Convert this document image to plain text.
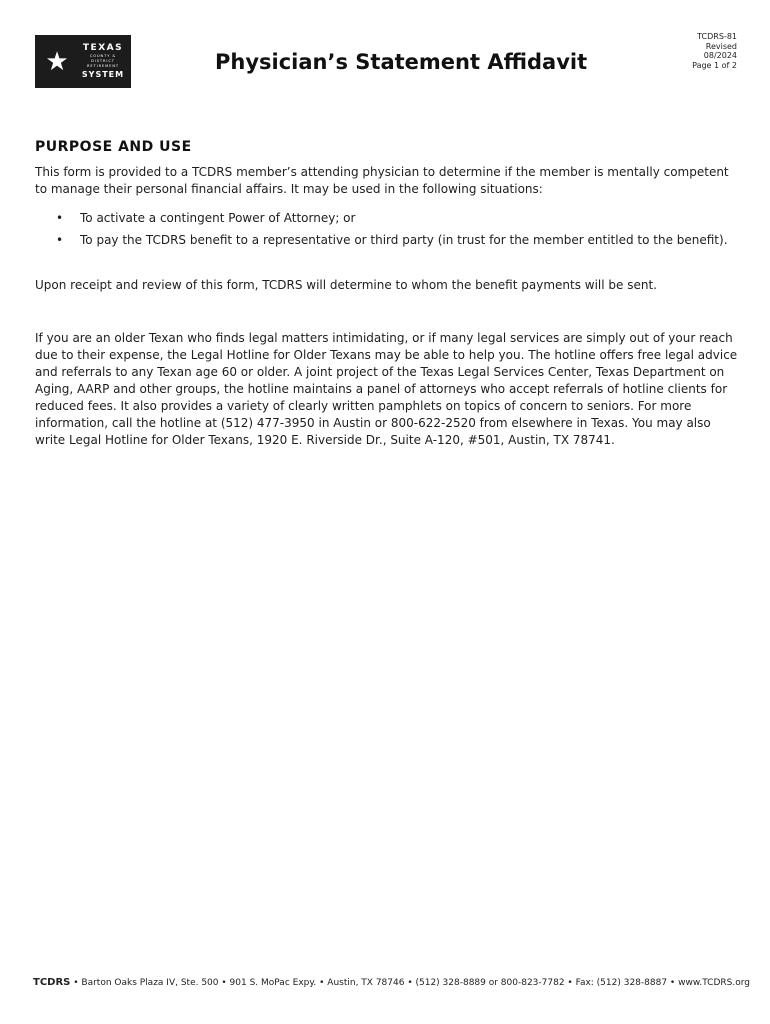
★ TEXAS
COUNTY &
DISTRICT
RETIREMENT
SYSTEM
Physician’s Statement Affidavit
TCDRS-81
Revised
08/2024
Page 1 of 2
PURPOSE AND USE

This form is provided to a TCDRS member’s attending physician to determine if the member is mentally competent to manage their personal financial affairs. It may be used in the following situations:

•	To activate a contingent Power of Attorney; or
•	To pay the TCDRS benefit to a representative or third party (in trust for the member entitled to the benefit).

Upon receipt and review of this form, TCDRS will determine to whom the benefit payments will be sent.

If you are an older Texan who finds legal matters intimidating, or if many legal services are simply out of your reach due to their expense, the Legal Hotline for Older Texans may be able to help you. The hotline offers free legal advice and referrals to any Texan age 60 or older. A joint project of the Texas Legal Services Center, Texas Department on Aging, AARP and other groups, the hotline maintains a panel of attorneys who accept referrals of hotline clients for reduced fees. It also provides a variety of clearly written pamphlets on topics of concern to seniors. For more information, call the hotline at (512) 477-3950 in Austin or 800-622-2520 from elsewhere in Texas. You may also write Legal Hotline for Older Texans, 1920 E. Riverside Dr., Suite A-120, #501, Austin, TX 78741.

TCDRS • Barton Oaks Plaza IV, Ste. 500 • 901 S. MoPac Expy. • Austin, TX 78746 • (512) 328-8889 or 800-823-7782 • Fax: (512) 328-8887 • www.TCDRS.org
